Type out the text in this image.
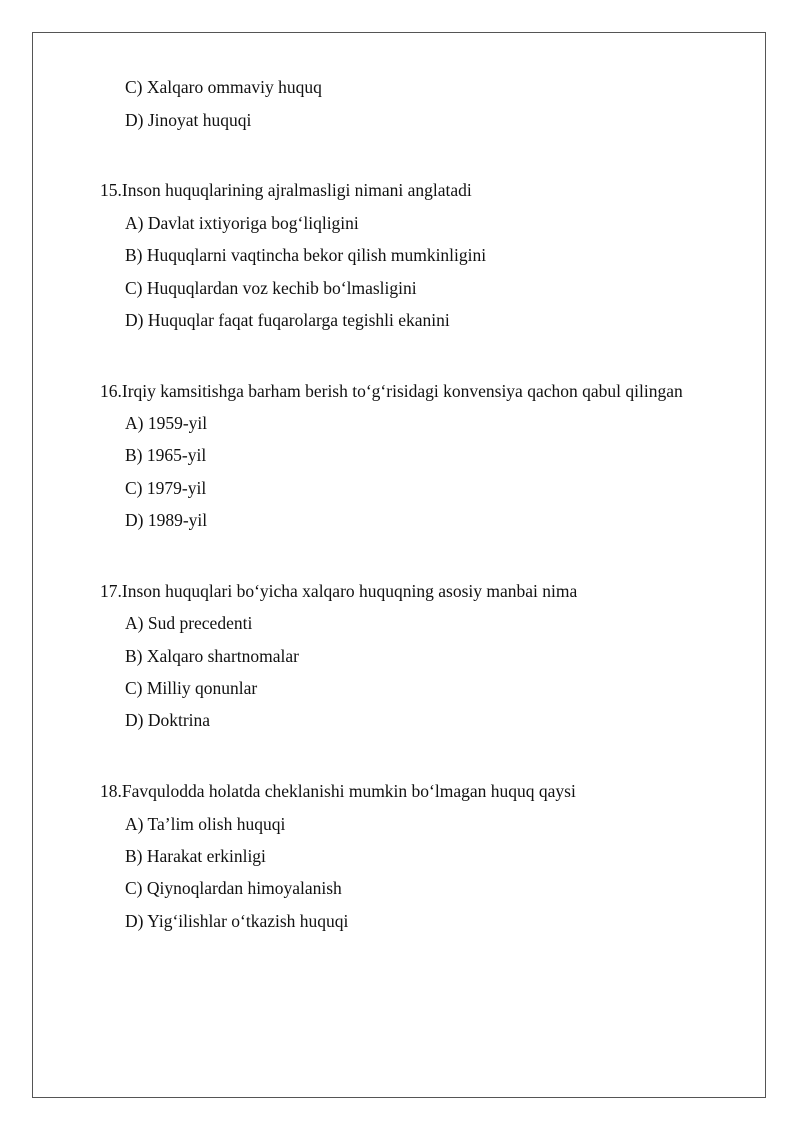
C) Xalqaro ommaviy huquq
D) Jinoyat huquqi
15.Inson huquqlarining ajralmasligi nimani anglatadi
A) Davlat ixtiyoriga bog‘liqligini
B) Huquqlarni vaqtincha bekor qilish mumkinligini
C) Huquqlardan voz kechib bo‘lmasligini
D) Huquqlar faqat fuqarolarga tegishli ekanini
16.Irqiy kamsitishga barham berish to‘g‘risidagi konvensiya qachon qabul qilingan
A) 1959-yil
B) 1965-yil
C) 1979-yil
D) 1989-yil
17.Inson huquqlari bo‘yicha xalqaro huquqning asosiy manbai nima
A) Sud precedenti
B) Xalqaro shartnomalar
C) Milliy qonunlar
D) Doktrina
18.Favqulodda holatda cheklanishi mumkin bo‘lmagan huquq qaysi
A) Ta’lim olish huquqi
B) Harakat erkinligi
C) Qiynoqlardan himoyalanish
D) Yig‘ilishlar o‘tkazish huquqi
